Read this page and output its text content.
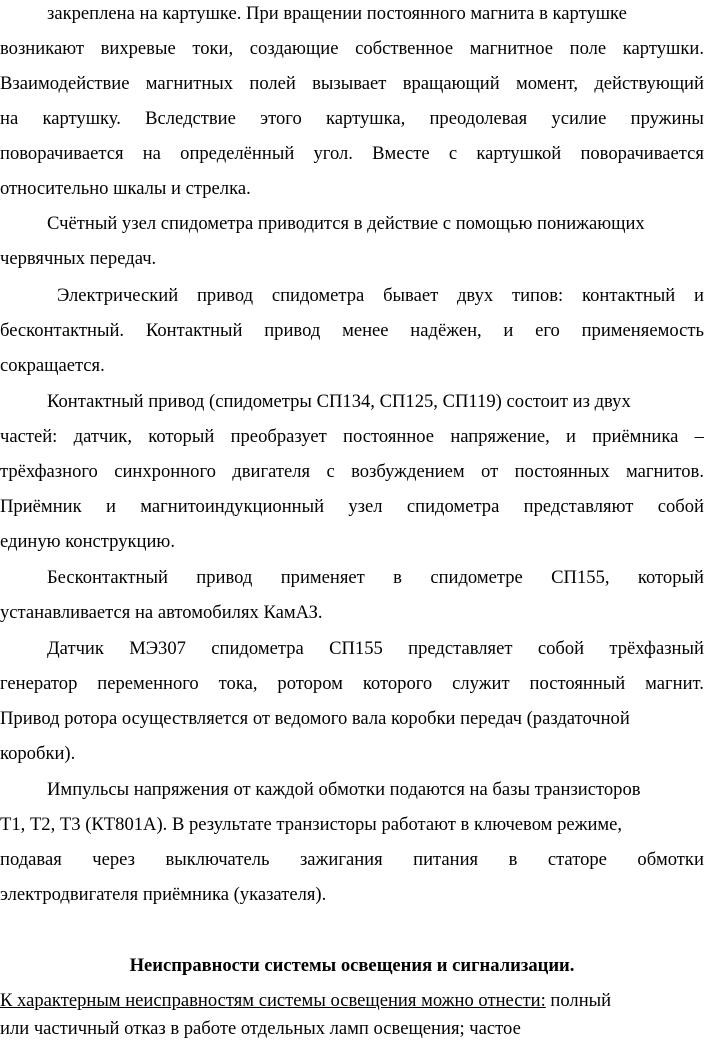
закреплена на картушке. При вращении постоянного магнита в картушке
возникают вихревые токи, создающие собственное магнитное поле картушки.
Взаимодействие магнитных полей вызывает вращающий момент, действующий
на картушку. Вследствие этого картушка, преодолевая усилие пружины
поворачивается на определённый угол. Вместе с картушкой поворачивается
относительно шкалы и стрелка.
Счётный узел спидометра приводится в действие с помощью понижающих
червячных передач.
Электрический привод спидометра бывает двух типов: контактный и
бесконтактный. Контактный привод менее надёжен, и его применяемость
сокращается.
Контактный привод (спидометры СП134, СП125, СП119) состоит из двух
частей: датчик, который преобразует постоянное напряжение, и приёмника –
трёхфазного синхронного двигателя с возбуждением от постоянных магнитов.
Приёмник и магнитоиндукционный узел спидометра представляют собой
единую конструкцию.
Бесконтактный привод применяет в спидометре СП155, который
устанавливается на автомобилях КамАЗ.
Датчик МЭ307 спидометра СП155 представляет собой трёхфазный
генератор переменного тока, ротором которого служит постоянный магнит.
Привод ротора осуществляется от ведомого вала коробки передач (раздаточной
коробки).
Импульсы напряжения от каждой обмотки подаются на базы транзисторов
Т1, Т2, Т3 (КТ801А). В результате транзисторы работают в ключевом режиме,
подавая через выключатель зажигания питания в статоре обмотки
электродвигателя приёмника (указателя).
Неисправности системы освещения и сигнализации.
К характерным неисправностям системы освещения можно отнести: полный
или частичный отказ в работе отдельных ламп освещения; частое
